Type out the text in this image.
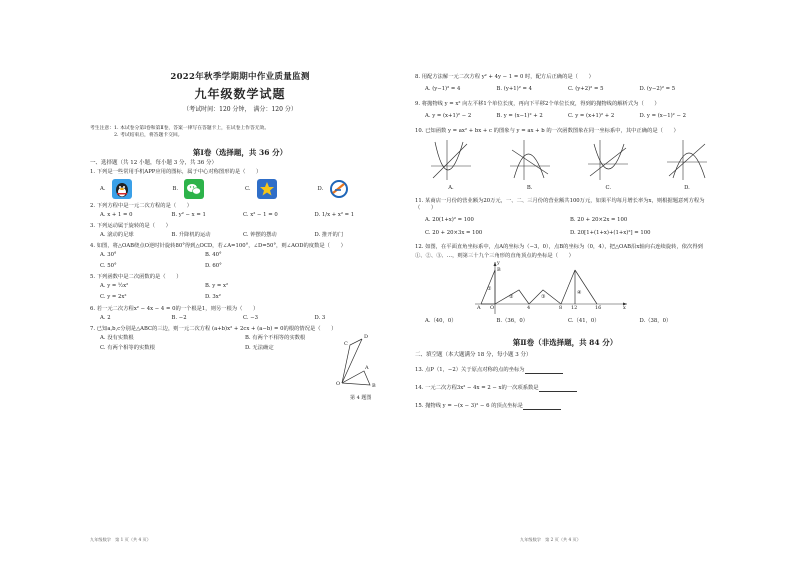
2022年秋季学期期中作业质量监测
九年级数学试题
（考试时间：120 分钟，　满分：120 分）
考生注意：1. 本试卷分第Ⅰ卷和第Ⅱ卷，答案一律写在答题卡上，在试卷上作答无效。
2. 考试结束后，将答题卡交回。
第Ⅰ卷（选择题，共 36 分）
一、选择题（共 12 小题，每小题 3 分，共 36 分）
1. 下列是一些常用手机APP应用的图标，属于中心对称图形的是（　　）
A.	B.	C.	D.
2. 下列方程中是一元二次方程的是（　　）
A. x + 1 = 0	B. y² − x = 1	C. x² − 1 = 0	D. 1/x + x² = 1
3. 下列运动属于旋转的是（　　）
A. 滚动的足球	B. 升降机的运动	C. 钟摆的摆动	D. 推开的门
4. 如图，将△OAB绕点O逆时针旋转80°得到△OCD，若∠A=100°，∠D=50°，则∠AOD的度数是（　　）
A. 30°	B. 40°
C. 50°	D. 60°
C
D
A
O	B
第 4 题图
5. 下列函数中是二次函数的是（　　）
A. y = ½x²	B. y = x²
C. y = 2x²	D. 3x²
6. 若一元二次方程x² − 4x − 4 = 0的一个根是1，则另一根为（　　）
A. 2	B. −2	C. −3	D. 3
7. 已知a,b,c分别是△ABC的三边，则一元二次方程 (a+b)x² + 2cx + (a−b) = 0的根的情况是（　　）
A. 没有实数根	B. 有两个不相等的实数根
C. 有两个相等的实数根	D. 无法确定
九年级数学　第 1 页（共 4 页）
8. 用配方法解一元二次方程 y² + 4y − 1 = 0 时，配方后正确的是（　　）
A. (y−1)² = 4	B. (y+1)² = 4	C. (y+2)² = 5	D. (y−2)² = 5
9. 将抛物线 y = x² 向左平移1个单位长度，再向下平移2个单位长度，得到的抛物线的解析式为（　　）
A. y = (x+1)² − 2	B. y = (x−1)² + 2	C. y = (x+1)² + 2	D. y = (x−1)² − 2
10. 已知函数 y = ax² + bx + c 的图象与 y = ax + b 的一次函数图象在同一坐标系中，其中正确的是（　　）
A.	B.	C.	D.
11. 某商店一月份的营业额为20万元，一、二、三月份的营业额共100万元，如果平均每月增长率为x，则根据题意列方程为（　　）
A. 20(1+x)² = 100	B. 20 + 20×2x = 100
C. 20 + 20×3x = 100	D. 20[1+(1+x)+(1+x)²] = 100
12. 如图，在平面直角坐标系中，点A的坐标为（−3，0），点B的坐标为（0，4），把△OAB沿x轴向右连续旋转，依次得到
①、②、③、…，则第三十九个三角形的直角顶点的坐标是（　　）
y
x
B
A O	4	8 12	16
①
②	③
④
A.（40，0）	B.（36，0）	C.（41，0）	D.（38，0）
第Ⅱ卷（非选择题，共 84 分）
二、填空题（本大题满分 18 分，每小题 3 分）
13. 点P（1，−2）关于原点对称的点的坐标为
14. 一元二次方程3x² − 4x = 2 − x的一次项系数是
15. 抛物线 y = −(x − 3)² − 6 的顶点坐标是
九年级数学　第 2 页（共 4 页）
